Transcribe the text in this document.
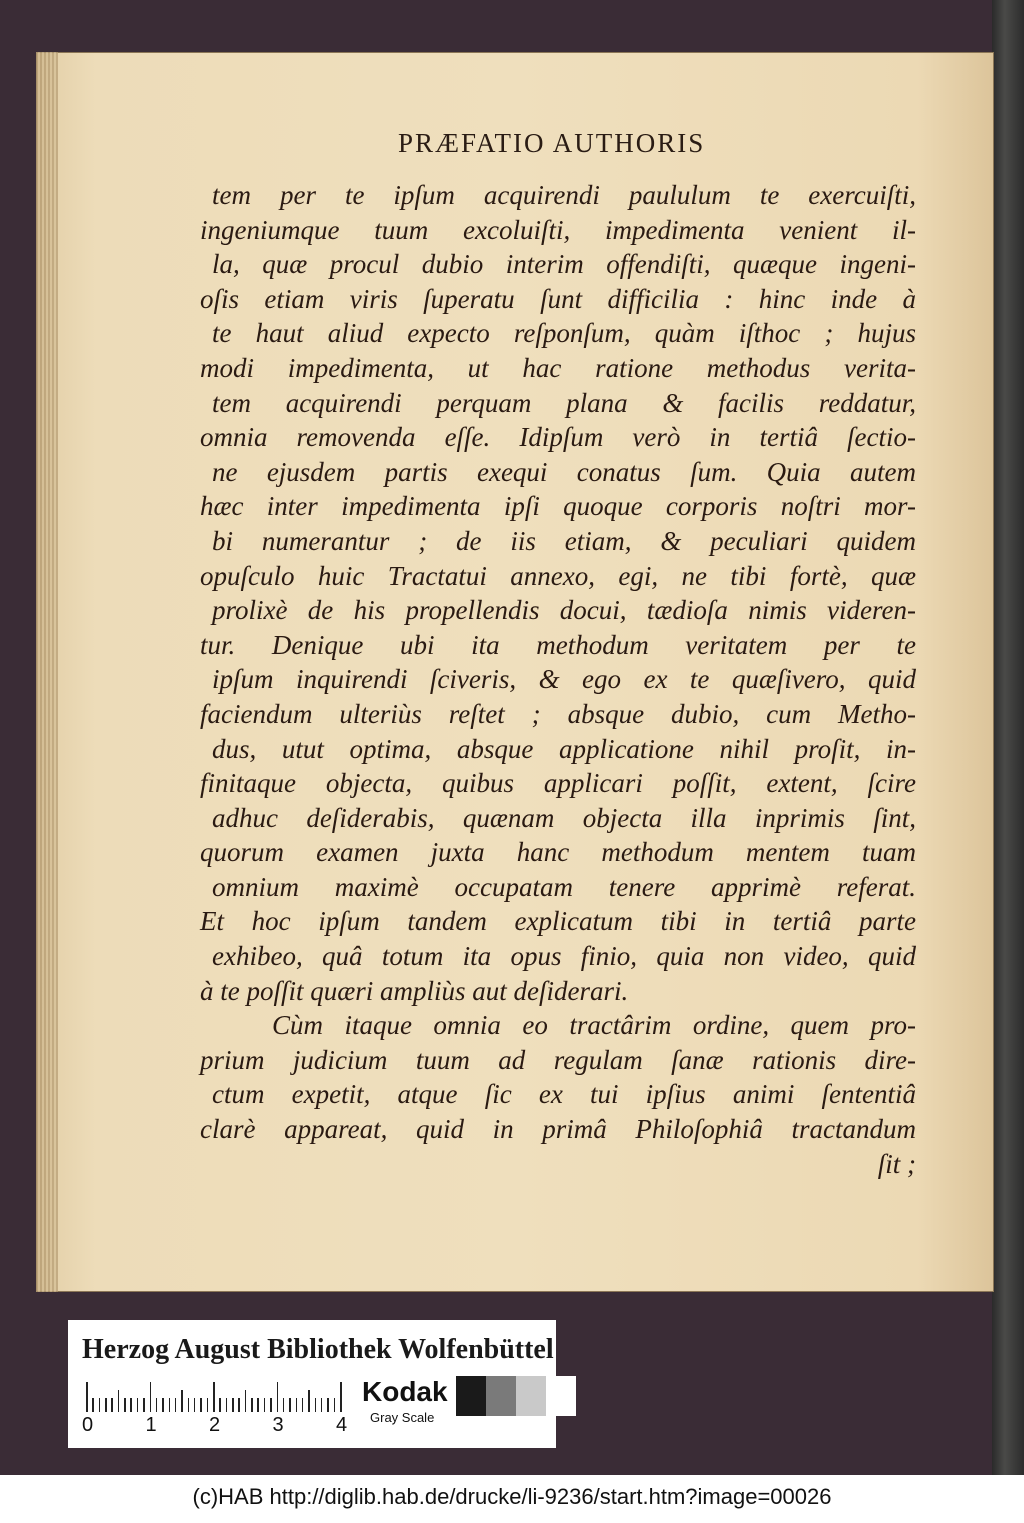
PRÆFATIO AUTHORIS
tem per te ipſum acquirendi paululum te exercuiſti,
ingeniumque tuum excoluiſti, impedimenta venient il-
la, quæ procul dubio interim offendiſti, quæque ingeni-
oſis etiam viris ſuperatu ſunt difficilia : hinc inde à
te haut aliud expecto reſponſum, quàm iſthoc ; hujus
modi impedimenta, ut hac ratione methodus verita-
tem acquirendi perquam plana & facilis reddatur,
omnia removenda eſſe. Idipſum verò in tertiâ ſectio-
ne ejusdem partis exequi conatus ſum. Quia autem
hæc inter impedimenta ipſi quoque corporis noſtri mor-
bi numerantur ; de iis etiam, & peculiari quidem
opuſculo huic Tractatui annexo, egi, ne tibi fortè, quæ
prolixè de his propellendis docui, tædioſa nimis videren-
tur. Denique ubi ita methodum veritatem per te
ipſum inquirendi ſciveris, & ego ex te quæſivero, quid
faciendum ulteriùs reſtet ; absque dubio, cum Metho-
dus, utut optima, absque applicatione nihil proſit, in-
finitaque objecta, quibus applicari poſſit, extent, ſcire
adhuc deſiderabis, quænam objecta illa inprimis ſint,
quorum examen juxta hanc methodum mentem tuam
omnium maximè occupatam tenere apprimè referat.
Et hoc ipſum tandem explicatum tibi in tertiâ parte
exhibeo, quâ totum ita opus finio, quia non video, quid
à te poſſit quæri ampliùs aut deſiderari.
Cùm itaque omnia eo tractârim ordine, quem pro-
prium judicium tuum ad regulam ſanæ rationis dire-
ctum expetit, atque ſic ex tui ipſius animi ſententiâ
clarè appareat, quid in primâ Philoſophiâ tractandum
ſit ;
Herzog August Bibliothek Wolfenbüttel
0	1	2	3	4
Kodak
Gray Scale
(c)HAB http://diglib.hab.de/drucke/li-9236/start.htm?image=00026
